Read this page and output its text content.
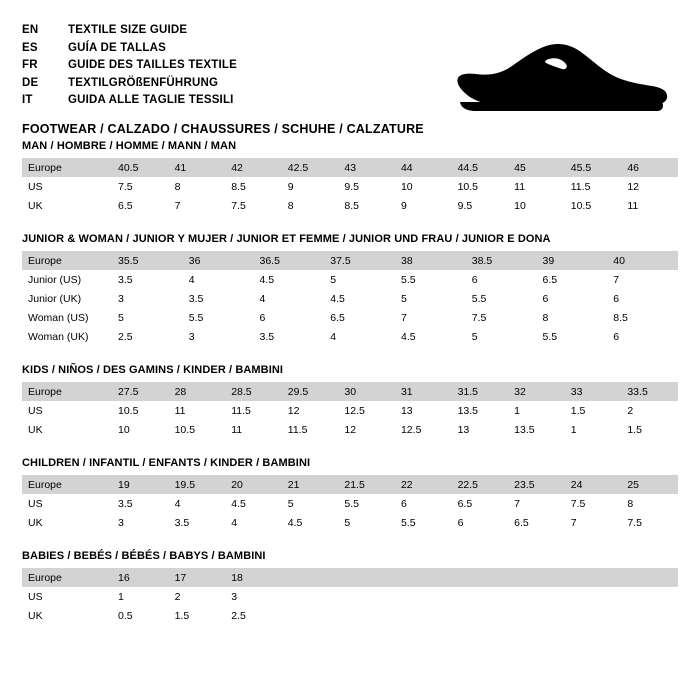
EN	TEXTILE SIZE GUIDE
ES	GUÍA DE TALLAS
FR	GUIDE DES TAILLES TEXTILE
DE	TEXTILGRÖßENFÜHRUNG
IT	GUIDA ALLE TAGLIE TESSILI
FOOTWEAR / CALZADO / CHAUSSURES / SCHUHE / CALZATURE
MAN / HOMBRE / HOMME / MANN / MAN
Europe	40.5	41	42	42.5	43	44	44.5	45	45.5	46
US	7.5	8	8.5	9	9.5	10	10.5	11	11.5	12
UK	6.5	7	7.5	8	8.5	9	9.5	10	10.5	11
JUNIOR & WOMAN / JUNIOR Y MUJER / JUNIOR ET FEMME / JUNIOR UND FRAU / JUNIOR E DONA
Europe	35.5	36	36.5	37.5	38	38.5	39	40
Junior (US)	3.5	4	4.5	5	5.5	6	6.5	7
Junior (UK)	3	3.5	4	4.5	5	5.5	6	6
Woman (US)	5	5.5	6	6.5	7	7.5	8	8.5
Woman (UK)	2.5	3	3.5	4	4.5	5	5.5	6
KIDS / NIÑOS / DES GAMINS / KINDER / BAMBINI
Europe	27.5	28	28.5	29.5	30	31	31.5	32	33	33.5
US	10.5	11	11.5	12	12.5	13	13.5	1	1.5	2
UK	10	10.5	11	11.5	12	12.5	13	13.5	1	1.5
CHILDREN / INFANTIL / ENFANTS / KINDER / BAMBINI
Europe	19	19.5	20	21	21.5	22	22.5	23.5	24	25
US	3.5	4	4.5	5	5.5	6	6.5	7	7.5	8
UK	3	3.5	4	4.5	5	5.5	6	6.5	7	7.5
BABIES / BEBÉS / BÉBÉS / BABYS / BAMBINI
Europe	16	17	18							
US	1	2	3							
UK	0.5	1.5	2.5							
